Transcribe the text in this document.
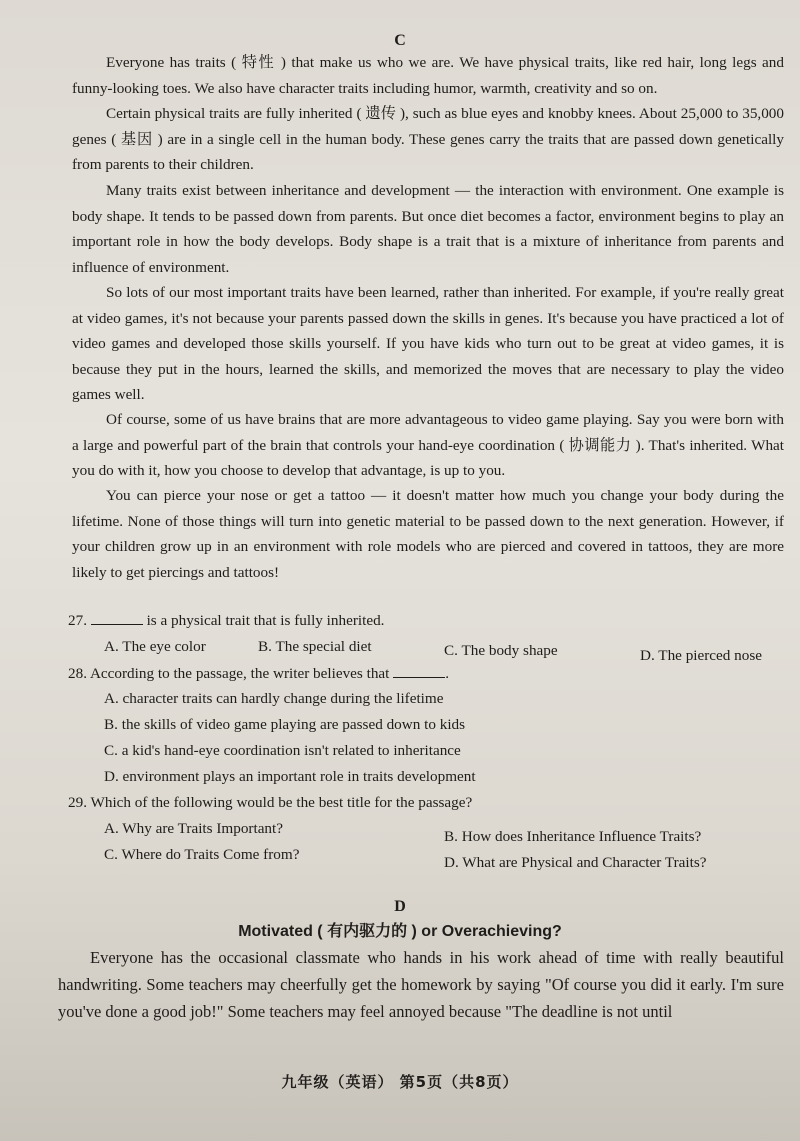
C

Everyone has traits ( 特性 ) that make us who we are. We have physical traits, like red hair, long legs and funny-looking toes. We also have character traits including humor, warmth, creativity and so on.

Certain physical traits are fully inherited ( 遗传 ), such as blue eyes and knobby knees. About 25,000 to 35,000 genes ( 基因 ) are in a single cell in the human body. These genes carry the traits that are passed down genetically from parents to their children.

Many traits exist between inheritance and development — the interaction with environment. One example is body shape. It tends to be passed down from parents. But once diet becomes a factor, environment begins to play an important role in how the body develops. Body shape is a trait that is a mixture of inheritance from parents and influence of environment.

So lots of our most important traits have been learned, rather than inherited. For example, if you're really great at video games, it's not because your parents passed down the skills in genes. It's because you have practiced a lot of video games and developed those skills yourself. If you have kids who turn out to be great at video games, it is because they put in the hours, learned the skills, and memorized the moves that are necessary to play the video games well.

Of course, some of us have brains that are more advantageous to video game playing. Say you were born with a large and powerful part of the brain that controls your hand-eye coordination ( 协调能力 ). That's inherited. What you do with it, how you choose to develop that advantage, is up to you.

You can pierce your nose or get a tattoo — it doesn't matter how much you change your body during the lifetime. None of those things will turn into genetic material to be passed down to the next generation. However, if your children grow up in an environment with role models who are pierced and covered in tattoos, they are more likely to get piercings and tattoos!

27.	is a physical trait that is fully inherited.
A. The eye color	B. The special diet	C. The body shape	D. The pierced nose
28. According to the passage, the writer believes that	.
A. character traits can hardly change during the lifetime
B. the skills of video game playing are passed down to kids
C. a kid's hand-eye coordination isn't related to inheritance
D. environment plays an important role in traits development
29. Which of the following would be the best title for the passage?
A. Why are Traits Important?	B. How does Inheritance Influence Traits?
C. Where do Traits Come from?	D. What are Physical and Character Traits?
D
Motivated ( 有内驱力的 ) or Overachieving?

Everyone has the occasional classmate who hands in his work ahead of time with really beautiful handwriting. Some teachers may cheerfully get the homework by saying "Of course you did it early. I'm sure you've done a good job!" Some teachers may feel annoyed because "The deadline is not until

九年级（英语） 第5页（共8页）
